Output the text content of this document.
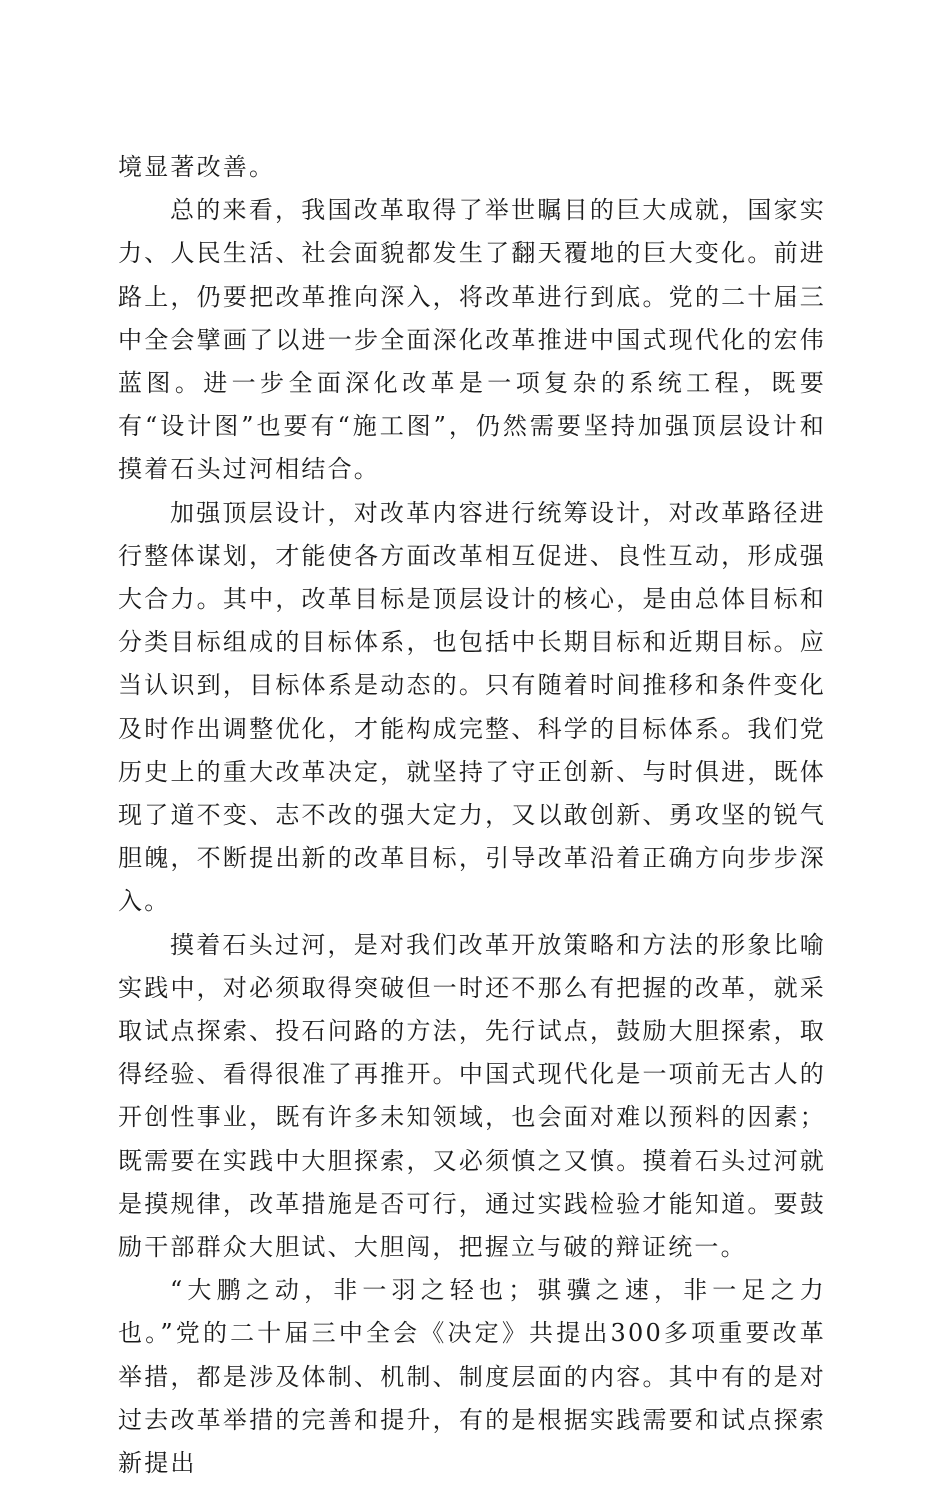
境显著改善。

总的来看，我国改革取得了举世瞩目的巨大成就，国家实力、人民生活、社会面貌都发生了翻天覆地的巨大变化。前进路上，仍要把改革推向深入，将改革进行到底。党的二十届三中全会擘画了以进一步全面深化改革推进中国式现代化的宏伟蓝图。进一步全面深化改革是一项复杂的系统工程，既要有“设计图”也要有“施工图”，仍然需要坚持加强顶层设计和摸着石头过河相结合。

加强顶层设计，对改革内容进行统筹设计，对改革路径进行整体谋划，才能使各方面改革相互促进、良性互动，形成强大合力。其中，改革目标是顶层设计的核心，是由总体目标和分类目标组成的目标体系，也包括中长期目标和近期目标。应当认识到，目标体系是动态的。只有随着时间推移和条件变化及时作出调整优化，才能构成完整、科学的目标体系。我们党历史上的重大改革决定，就坚持了守正创新、与时俱进，既体现了道不变、志不改的强大定力，又以敢创新、勇攻坚的锐气胆魄，不断提出新的改革目标，引导改革沿着正确方向步步深入。

摸着石头过河，是对我们改革开放策略和方法的形象比喻实践中，对必须取得突破但一时还不那么有把握的改革，就采取试点探索、投石问路的方法，先行试点，鼓励大胆探索，取得经验、看得很准了再推开。中国式现代化是一项前无古人的开创性事业，既有许多未知领域，也会面对难以预料的因素；既需要在实践中大胆探索，又必须慎之又慎。摸着石头过河就是摸规律，改革措施是否可行，通过实践检验才能知道。要鼓励干部群众大胆试、大胆闯，把握立与破的辩证统一。

“大鹏之动，非一羽之轻也；骐骥之速，非一足之力也。”党的二十届三中全会《决定》共提出300多项重要改革举措，都是涉及体制、机制、制度层面的内容。其中有的是对过去改革举措的完善和提升，有的是根据实践需要和试点探索新提出
